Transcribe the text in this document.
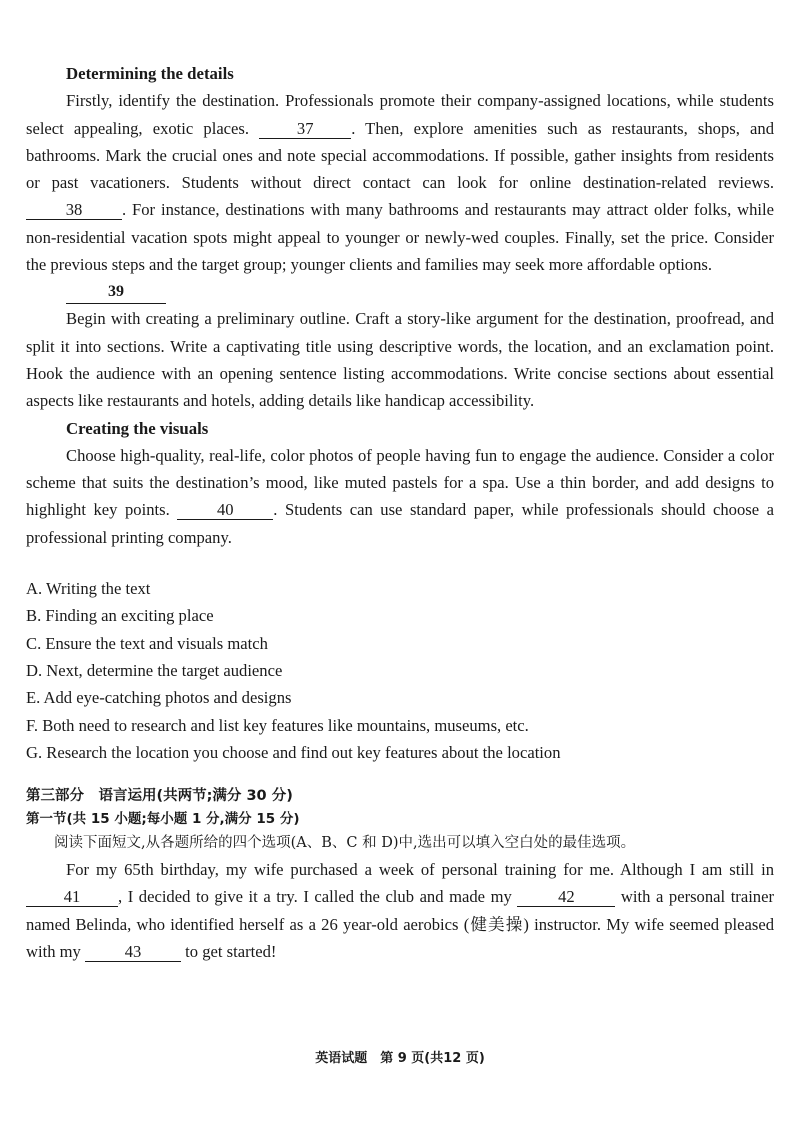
Determining the details

Firstly, identify the destination. Professionals promote their company-assigned locations, while students select appealing, exotic places. 37 . Then, explore amenities such as restaurants, shops, and bathrooms. Mark the crucial ones and note special accommodations. If possible, gather insights from residents or past vacationers. Students without direct contact can look for online destination-related reviews. 38 . For instance, destinations with many bathrooms and restaurants may attract older folks, while non-residential vacation spots might appeal to younger or newly-wed couples. Finally, set the price. Consider the previous steps and the target group; younger clients and families may seek more affordable options.

39

Begin with creating a preliminary outline. Craft a story-like argument for the destination, proofread, and split it into sections. Write a captivating title using descriptive words, the location, and an exclamation point. Hook the audience with an opening sentence listing accommodations. Write concise sections about essential aspects like restaurants and hotels, adding details like handicap accessibility.

Creating the visuals

Choose high-quality, real-life, color photos of people having fun to engage the audience. Consider a color scheme that suits the destination’s mood, like muted pastels for a spa. Use a thin border, and add designs to highlight key points. 40 . Students can use standard paper, while professionals should choose a professional printing company.

A. Writing the text

B. Finding an exciting place

C. Ensure the text and visuals match

D. Next, determine the target audience

E. Add eye-catching photos and designs

F. Both need to research and list key features like mountains, museums, etc.

G. Research the location you choose and find out key features about the location

第三部分　语言运用(共两节;满分 30 分)

第一节(共 15 小题;每小题 1 分,满分 15 分)

阅读下面短文,从各题所给的四个选项(A、B、C 和 D)中,选出可以填入空白处的最佳选项。

For my 65th birthday, my wife purchased a week of personal training for me. Although I am still in 41 , I decided to give it a try. I called the club and made my 42 with a personal trainer named Belinda, who identified herself as a 26 year-old aerobics (健美操) instructor. My wife seemed pleased with my 43 to get started!

英语试题　第 9 页(共12 页)
